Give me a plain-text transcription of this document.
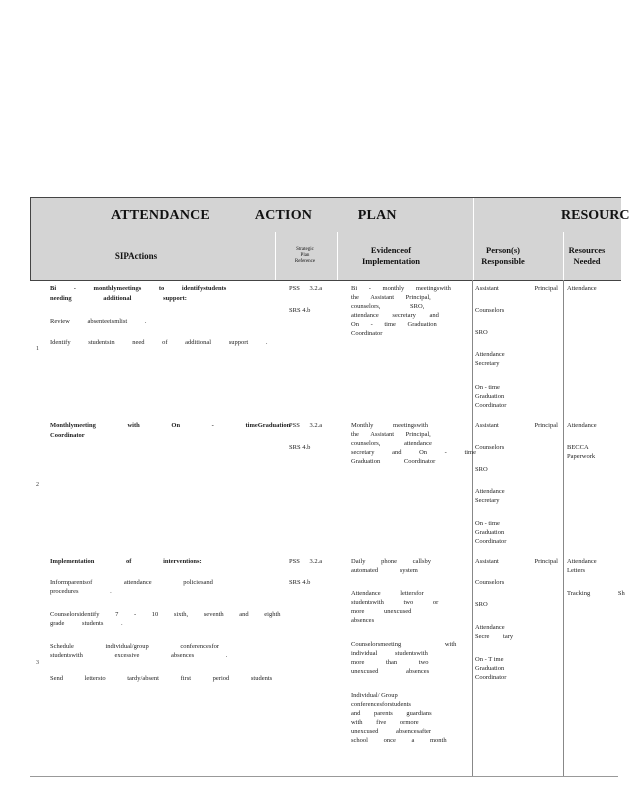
ATTENDANCE ACTION PLAN	RESOURC
SIPActions
Strategic
Plan
Reference
Evidenceof
Implementation
Person(s)
Responsible
Resources
Needed
1
Bi - monthlymeetings to identifystudents
needing additional support:
Review absenteeismlist .
Identify studentsin need of additional support .
PSS 3.2.a
SRS 4.b
Bi - monthly meetingswith
the Assistant Principal,
counselors, SRO,
attendance secretary and
On - time Graduation
Coordinator
Assistant Principal
Counselors
SRO
Attendance
Secretary
On - time
Graduation
Coordinator
Attendance
2
Monthlymeeting with On - timeGraduation
Coordinator
PSS 3.2.a
SRS 4.b
Monthly meetingswith
the Assistant Principal,
counselors, attendance
secretary and On - time
Graduation Coordinator
Assistant Principal
Counselors
SRO
Attendance
Secretary
On - time
Graduation
Coordinator
Attendance
BECCA
Paperwork
3
Implementation of interventions:
Informparentsof attendance policiesand
procedures .
Counselorsidentify 7 - 10 sixth, seventh and eighth
grade students .
Schedule individual/group conferencesfor
studentswith excessive absences .
Send lettersto tardy/absent first period students
PSS 3.2.a
SRS 4.b
Daily phone callsby
automated system
Attendance lettersfor
studentswith two or
more unexcused
absences
Counselorsmeeting with
individual studentswith
more than two
unexcused absences
Individual/ Group
conferencesforstudents
and parents guardians
with five ormore
unexcused absencesafter
school once a month
Assistant Principal
Counselors
SRO
Attendance
Secre tary
On - T ime
Graduation
Coordinator
Attendance
Letters
Tracking Sh
